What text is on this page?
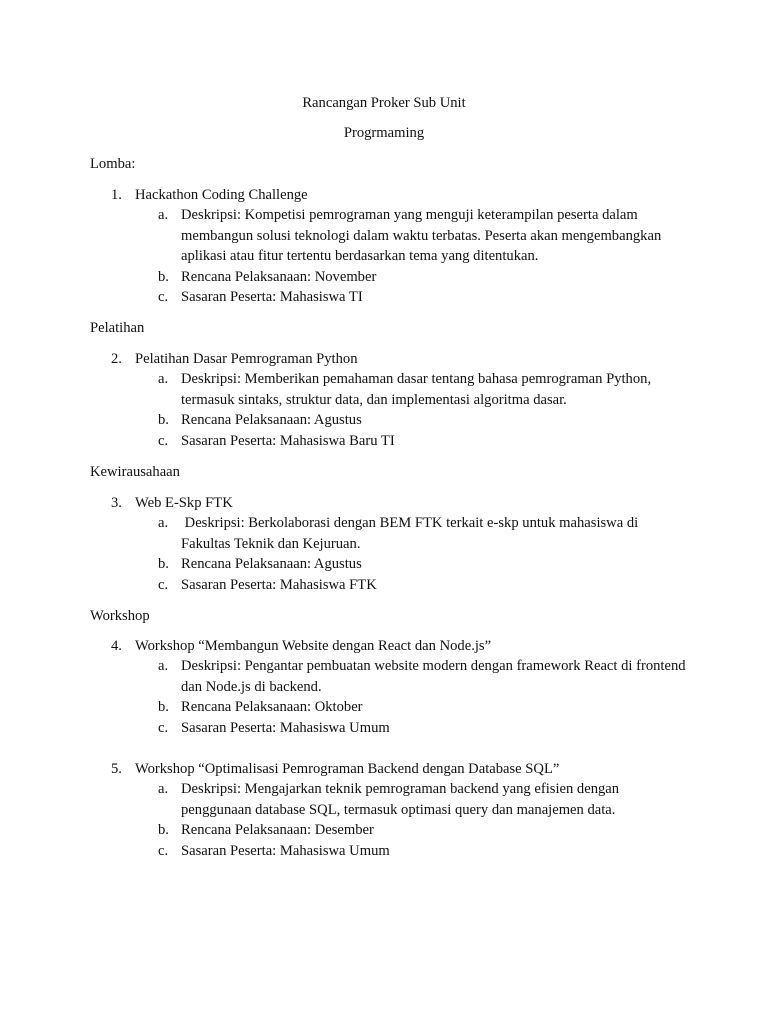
Rancangan Proker Sub Unit
Progrmaming
Lomba:
1. Hackathon Coding Challenge
a. Deskripsi: Kompetisi pemrograman yang menguji keterampilan peserta dalam membangun solusi teknologi dalam waktu terbatas. Peserta akan mengembangkan aplikasi atau fitur tertentu berdasarkan tema yang ditentukan.
b. Rencana Pelaksanaan: November
c. Sasaran Peserta: Mahasiswa TI
Pelatihan
2. Pelatihan Dasar Pemrograman Python
a. Deskripsi: Memberikan pemahaman dasar tentang bahasa pemrograman Python, termasuk sintaks, struktur data, dan implementasi algoritma dasar.
b. Rencana Pelaksanaan: Agustus
c. Sasaran Peserta: Mahasiswa Baru TI
Kewirausahaan
3. Web E-Skp FTK
a. Deskripsi: Berkolaborasi dengan BEM FTK terkait e-skp untuk mahasiswa di Fakultas Teknik dan Kejuruan.
b. Rencana Pelaksanaan: Agustus
c. Sasaran Peserta: Mahasiswa FTK
Workshop
4. Workshop “Membangun Website dengan React dan Node.js”
a. Deskripsi: Pengantar pembuatan website modern dengan framework React di frontend dan Node.js di backend.
b. Rencana Pelaksanaan: Oktober
c. Sasaran Peserta: Mahasiswa Umum
5. Workshop “Optimalisasi Pemrograman Backend dengan Database SQL”
a. Deskripsi: Mengajarkan teknik pemrograman backend yang efisien dengan penggunaan database SQL, termasuk optimasi query dan manajemen data.
b. Rencana Pelaksanaan: Desember
c. Sasaran Peserta: Mahasiswa Umum
